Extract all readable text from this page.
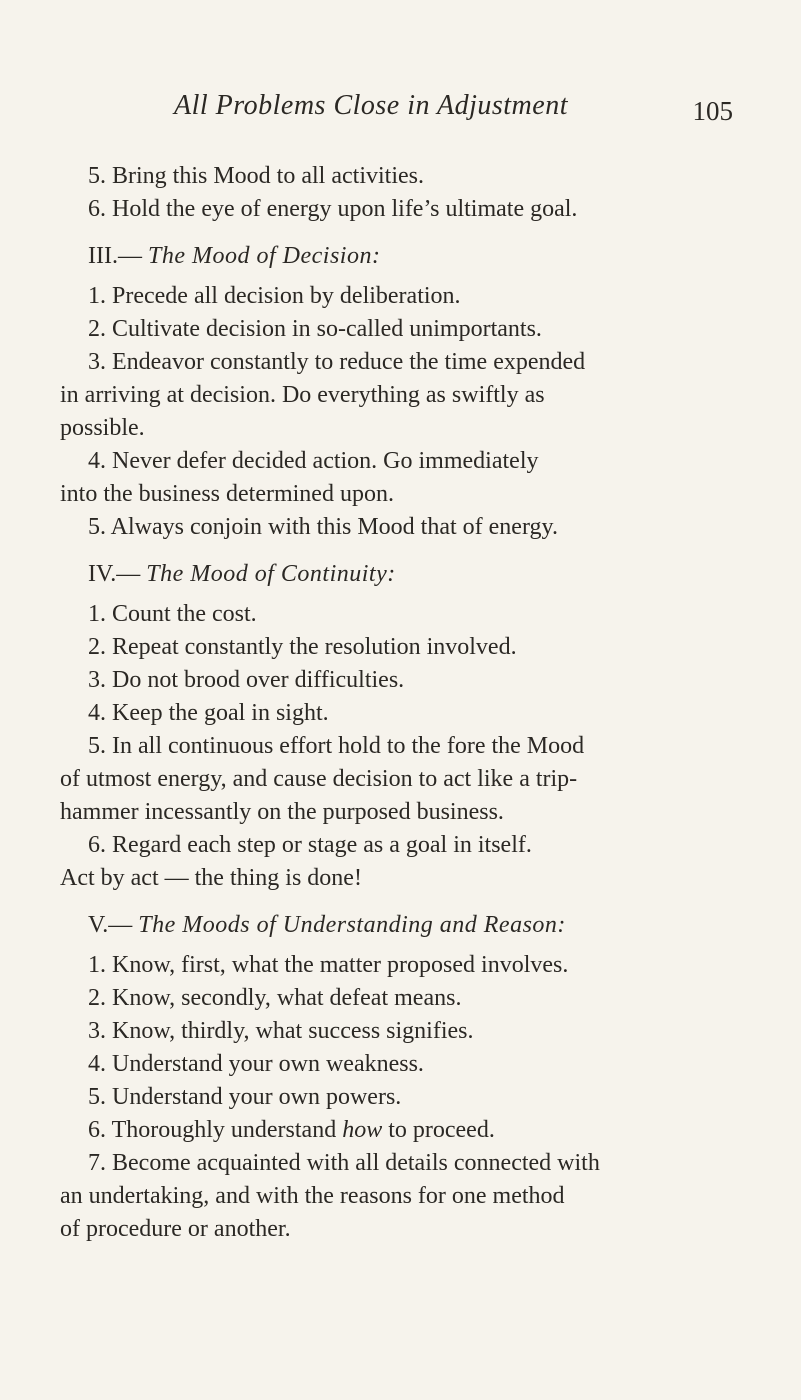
All Problems Close in Adjustment	105
5. Bring this Mood to all activities.
6. Hold the eye of energy upon life’s ultimate goal.
III.— The Mood of Decision:
1. Precede all decision by deliberation.
2. Cultivate decision in so-called unimportants.
3. Endeavor constantly to reduce the time expended
in arriving at decision. Do everything as swiftly as
possible.
4. Never defer decided action. Go immediately
into the business determined upon.
5. Always conjoin with this Mood that of energy.
IV.— The Mood of Continuity:
1. Count the cost.
2. Repeat constantly the resolution involved.
3. Do not brood over difficulties.
4. Keep the goal in sight.
5. In all continuous effort hold to the fore the Mood
of utmost energy, and cause decision to act like a trip-
hammer incessantly on the purposed business.
6. Regard each step or stage as a goal in itself.
Act by act — the thing is done!
V.— The Moods of Understanding and Reason:
1. Know, first, what the matter proposed involves.
2. Know, secondly, what defeat means.
3. Know, thirdly, what success signifies.
4. Understand your own weakness.
5. Understand your own powers.
6. Thoroughly understand how to proceed.
7. Become acquainted with all details connected with
an undertaking, and with the reasons for one method
of procedure or another.
